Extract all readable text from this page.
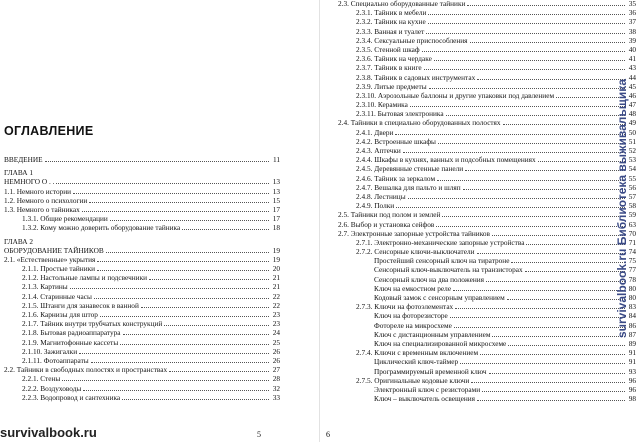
ОГЛАВЛЕНИЕ
ВВЕДЕНИЕ	11
ГЛАВА 1
НЕМНОГО О . .	13
1.1. Немного истории	13
1.2. Немного о психологии	15
1.3. Немного о тайниках	17
1.3.1. Общие рекомендации	17
1.3.2. Кому можно доверить оборудование тайника	18
ГЛАВА 2
ОБОРУДОВАНИЕ ТАЙНИКОВ	19
2.1. «Естественные» укрытия	19
2.1.1. Простые тайники	20
2.1.2. Настольные лампы и подсвечники	21
2.1.3. Картины	21
2.1.4. Старинные часы	22
2.1.5. Штанги для занавесок в ванной	22
2.1.6. Карнизы для штор	23
2.1.7. Тайник внутри трубчатых конструкций	23
2.1.8. Бытовая радиоаппаратура	24
2.1.9. Магнитофонные кассеты	25
2.1.10. Зажигалки	26
2.1.11. Фотоаппараты	26
2.2. Тайники в свободных полостях и пространствах	27
2.2.1. Стены	28
2.2.2. Воздуховоды	32
2.2.3. Водопровод и сантехника	33
5
2.3. Специально оборудованные тайники	35
2.3.1. Тайник в мебели	36
2.3.2. Тайник на кухне	37
2.3.3. Ванная и туалет	38
2.3.4. Сексуальные приспособления	39
2.3.5. Стенной шкаф	40
2.3.6. Тайник на чердаке	41
2.3.7. Тайник в книге	43
2.3.8. Тайник в садовых инструментах	44
2.3.9. Литые предметы	45
2.3.10. Аэрозольные баллоны и другие упаковки под давлением	46
2.3.10. Керамика	47
2.3.11. Бытовая электроника	48
2.4. Тайники в специально оборудованных полостях	49
2.4.1. Двери	50
2.4.2. Встроенные шкафы	51
2.4.3. Аптечки	52
2.4.4. Шкафы в кухнях, ванных и подсобных помещениях	53
2.4.5. Деревянные стенные панели	54
2.4.6. Тайник за зеркалом	55
2.4.7. Вешалка для пальто и шляп	56
2.4.8. Лестницы	57
2.4.9. Полки	58
2.5. Тайники под полом и землей	59
2.6. Выбор и установка сейфов	63
2.7. Электронные запорные устройства тайников	70
2.7.1. Электронно-механические запорные устройства	71
2.7.2. Сенсорные ключи-выключатели	74
Простейший сенсорный ключ на тиратроне	75
Сенсорный ключ-выключатель на транзисторах	77
Сенсорный ключ на два положения	78
Ключ на емкостном реле	80
Кодовый замок с сенсорным управлением	80
2.7.3. Ключи на фотоэлементах	83
Ключ на фоторезисторе	84
Фотореле на микросхеме	86
Ключ с дистанционным управлением	87
Ключ на специализированной микросхеме	89
2.7.4. Ключи с временным включением	91
Циклический ключ-таймер	91
Программируемый временной ключ	93
2.7.5. Оригинальные кодовые ключи	96
Электронный ключ с резисторами	96
Ключ – выключатель освещения	98
6
survivalbook.ru Библиотека выживальщика
survivalbook.ru
